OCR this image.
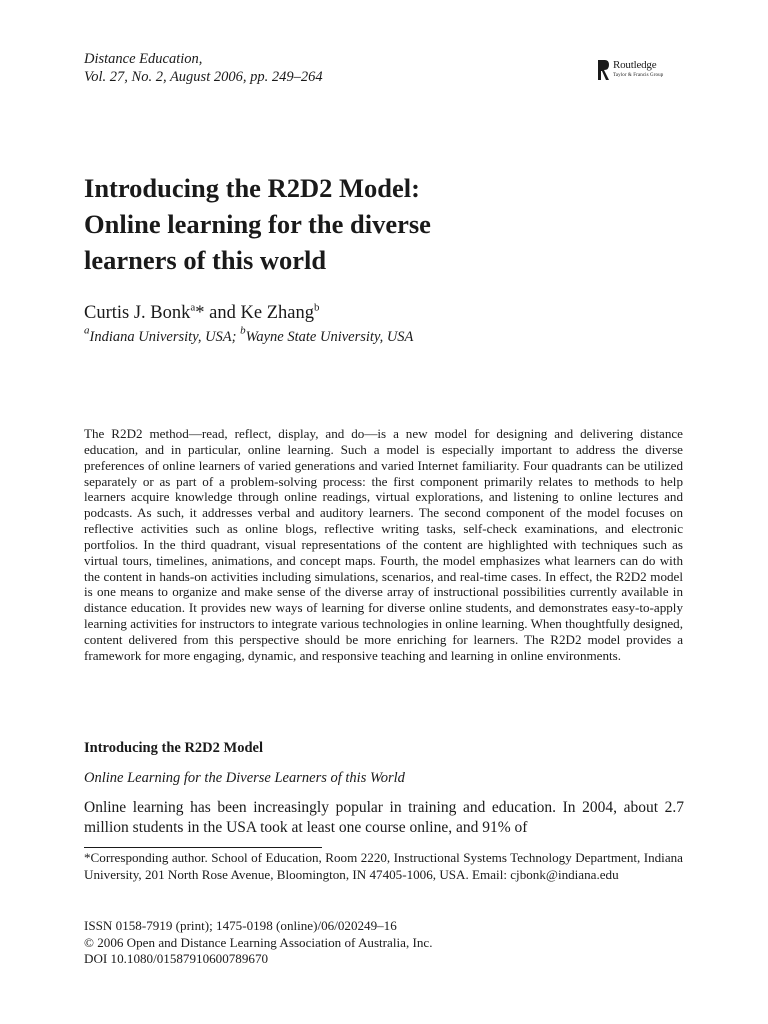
Distance Education,
Vol. 27, No. 2, August 2006, pp. 249–264
Routledge
Taylor & Francis Group
Introducing the R2D2 Model:
Online learning for the diverse
learners of this world
Curtis J. Bonk$^a$* and Ke Zhang$^b$
$^a$Indiana University, USA; $^b$Wayne State University, USA
The R2D2 method—read, reflect, display, and do—is a new model for designing and delivering distance education, and in particular, online learning. Such a model is especially important to address the diverse preferences of online learners of varied generations and varied Internet familiarity. Four quadrants can be utilized separately or as part of a problem-solving process: the first component primarily relates to methods to help learners acquire knowledge through online readings, virtual explorations, and listening to online lectures and podcasts. As such, it addresses verbal and auditory learners. The second component of the model focuses on reflective activities such as online blogs, reflective writing tasks, self-check examinations, and electronic portfolios. In the third quadrant, visual representations of the content are highlighted with techniques such as virtual tours, timelines, animations, and concept maps. Fourth, the model emphasizes what learners can do with the content in hands-on activities including simulations, scenarios, and real-time cases. In effect, the R2D2 model is one means to organize and make sense of the diverse array of instructional possibilities currently available in distance education. It provides new ways of learning for diverse online students, and demonstrates easy-to-apply learning activities for instructors to integrate various technologies in online learning. When thoughtfully designed, content delivered from this perspective should be more enriching for learners. The R2D2 model provides a framework for more engaging, dynamic, and responsive teaching and learning in online environments.
Introducing the R2D2 Model
Online Learning for the Diverse Learners of this World
Online learning has been increasingly popular in training and education. In 2004, about 2.7 million students in the USA took at least one course online, and 91% of
*Corresponding author. School of Education, Room 2220, Instructional Systems Technology Department, Indiana University, 201 North Rose Avenue, Bloomington, IN 47405-1006, USA. Email: cjbonk@indiana.edu
ISSN 0158-7919 (print); 1475-0198 (online)/06/020249–16
© 2006 Open and Distance Learning Association of Australia, Inc.
DOI 10.1080/01587910600789670
